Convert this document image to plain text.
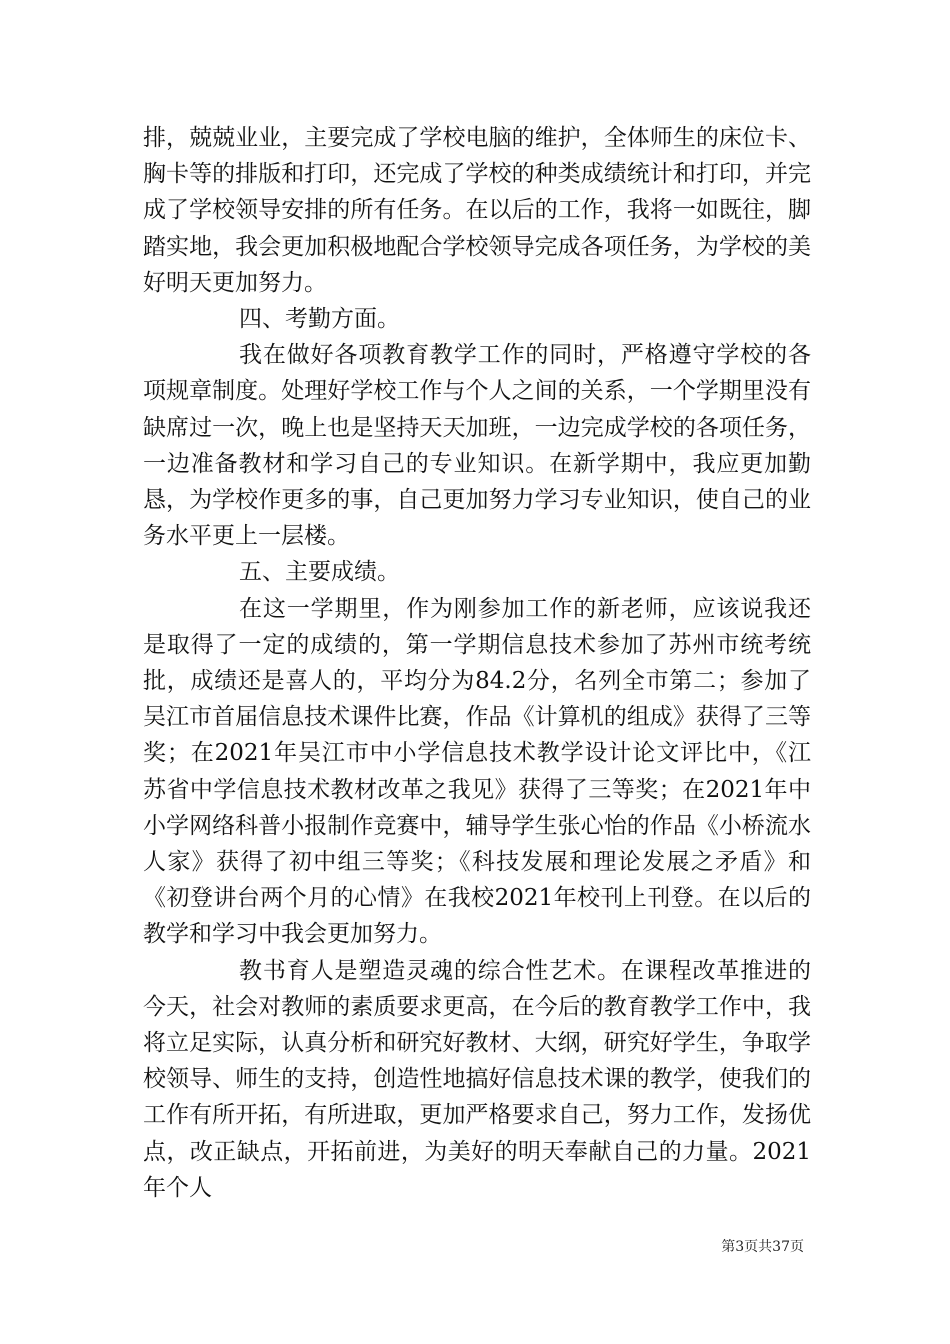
排，兢兢业业，主要完成了学校电脑的维护，全体师生的床位卡、胸卡等的排版和打印，还完成了学校的种类成绩统计和打印，并完成了学校领导安排的所有任务。在以后的工作，我将一如既往，脚踏实地，我会更加积极地配合学校领导完成各项任务，为学校的美好明天更加努力。

四、考勤方面。

我在做好各项教育教学工作的同时，严格遵守学校的各项规章制度。处理好学校工作与个人之间的关系，一个学期里没有缺席过一次，晚上也是坚持天天加班，一边完成学校的各项任务，一边准备教材和学习自己的专业知识。在新学期中，我应更加勤恳，为学校作更多的事，自己更加努力学习专业知识，使自己的业务水平更上一层楼。

五、主要成绩。

在这一学期里，作为刚参加工作的新老师，应该说我还是取得了一定的成绩的，第一学期信息技术参加了苏州市统考统批，成绩还是喜人的，平均分为84.2分，名列全市第二；参加了吴江市首届信息技术课件比赛，作品《计算机的组成》获得了三等奖；在2021年吴江市中小学信息技术教学设计论文评比中，《江苏省中学信息技术教材改革之我见》获得了三等奖；在2021年中小学网络科普小报制作竞赛中，辅导学生张心怡的作品《小桥流水人家》获得了初中组三等奖；《科技发展和理论发展之矛盾》和《初登讲台两个月的心情》在我校2021年校刊上刊登。在以后的教学和学习中我会更加努力。

教书育人是塑造灵魂的综合性艺术。在课程改革推进的今天，社会对教师的素质要求更高，在今后的教育教学工作中，我将立足实际，认真分析和研究好教材、大纲，研究好学生，争取学校领导、师生的支持，创造性地搞好信息技术课的教学，使我们的工作有所开拓，有所进取，更加严格要求自己，努力工作，发扬优点，改正缺点，开拓前进，为美好的明天奉献自己的力量。2021年个人

第3页共37页
